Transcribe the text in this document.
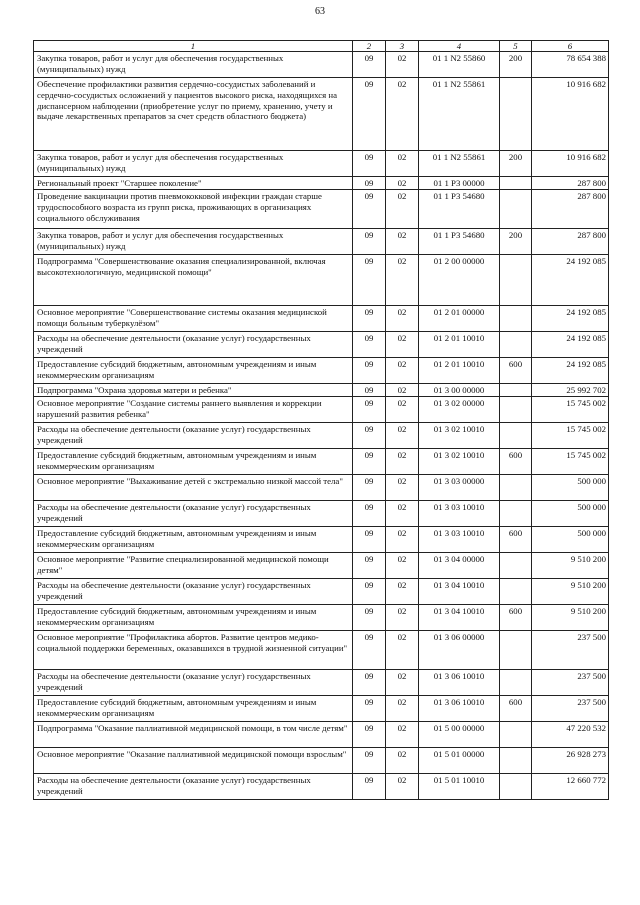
63
1	2	3	4	5	6
Закупка товаров, работ и услуг для обеспечения государственных (муниципальных) нужд	09	02	01 1 N2 55860	200	78 654 388
Обеспечение профилактики развития сердечно-сосудистых заболеваний и сердечно-сосудистых осложнений у пациентов высокого риска, находящихся на диспансерном наблюдении (приобретение услуг по приему, хранению, учету и выдаче лекарственных препаратов за счет средств областного бюджета)	09	02	01 1 N2 55861		10 916 682
Закупка товаров, работ и услуг для обеспечения государственных (муниципальных) нужд	09	02	01 1 N2 55861	200	10 916 682
Региональный проект "Старшее поколение"	09	02	01 1 P3 00000		287 800
Проведение вакцинации против пневмококковой инфекции граждан старше трудоспособного возраста из групп риска, проживающих в организациях социального обслуживания	09	02	01 1 P3 54680		287 800
Закупка товаров, работ и услуг для обеспечения государственных (муниципальных) нужд	09	02	01 1 P3 54680	200	287 800
Подпрограмма "Совершенствование оказания специализированной, включая высокотехнологичную, медицинской помощи"	09	02	01 2 00 00000		24 192 085
Основное мероприятие "Совершенствование системы оказания медицинской помощи больным туберкулёзом"	09	02	01 2 01 00000		24 192 085
Расходы на обеспечение деятельности (оказание услуг) государственных учреждений	09	02	01 2 01 10010		24 192 085
Предоставление субсидий бюджетным, автономным учреждениям и иным некоммерческим организациям	09	02	01 2 01 10010	600	24 192 085
Подпрограмма "Охрана здоровья матери и ребенка"	09	02	01 3 00 00000		25 992 702
Основное мероприятие "Создание системы раннего выявления и коррекции нарушений развития ребенка"	09	02	01 3 02 00000		15 745 002
Расходы на обеспечение деятельности (оказание услуг) государственных учреждений	09	02	01 3 02 10010		15 745 002
Предоставление субсидий бюджетным, автономным учреждениям и иным некоммерческим организациям	09	02	01 3 02 10010	600	15 745 002
Основное мероприятие "Выхаживание детей с экстремально низкой массой тела"	09	02	01 3 03 00000		500 000
Расходы на обеспечение деятельности (оказание услуг) государственных учреждений	09	02	01 3 03 10010		500 000
Предоставление субсидий бюджетным, автономным учреждениям и иным некоммерческим организациям	09	02	01 3 03 10010	600	500 000
Основное мероприятие "Развитие специализированной медицинской помощи детям"	09	02	01 3 04 00000		9 510 200
Расходы на обеспечение деятельности (оказание услуг) государственных учреждений	09	02	01 3 04 10010		9 510 200
Предоставление субсидий бюджетным, автономным учреждениям и иным некоммерческим организациям	09	02	01 3 04 10010	600	9 510 200
Основное мероприятие "Профилактика абортов. Развитие центров медико-социальной поддержки беременных, оказавшихся в трудной жизненной ситуации"	09	02	01 3 06 00000		237 500
Расходы на обеспечение деятельности (оказание услуг) государственных учреждений	09	02	01 3 06 10010		237 500
Предоставление субсидий бюджетным, автономным учреждениям и иным некоммерческим организациям	09	02	01 3 06 10010	600	237 500
Подпрограмма "Оказание паллиативной медицинской помощи, в том числе детям"	09	02	01 5 00 00000		47 220 532
Основное мероприятие "Оказание паллиативной медицинской помощи взрослым"	09	02	01 5 01 00000		26 928 273
Расходы на обеспечение деятельности (оказание услуг) государственных учреждений	09	02	01 5 01 10010		12 660 772
